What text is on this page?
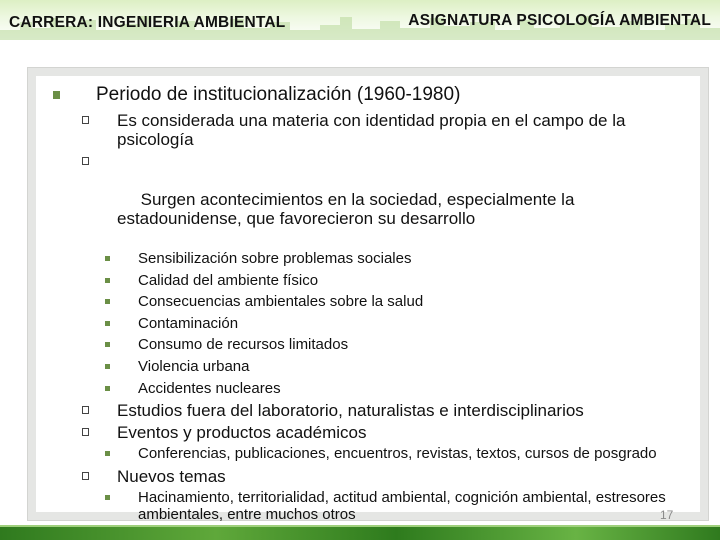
CARRERA: INGENIERIA AMBIENTAL	ASIGNATURA PSICOLOGÍA AMBIENTAL
Periodo de institucionalización (1960-1980)
Es considerada una materia con identidad propia en el campo de la psicología

Surgen acontecimientos en la sociedad, especialmente la estadounidense, que favorecieron su desarrollo

Sensibilización sobre problemas sociales
Calidad del ambiente físico
Consecuencias ambientales sobre la salud
Contaminación
Consumo de recursos limitados
Violencia urbana
Accidentes nucleares
Estudios fuera del laboratorio, naturalistas e interdisciplinarios
Eventos y productos académicos
Conferencias, publicaciones, encuentros, revistas, textos, cursos de posgrado
Nuevos temas
Hacinamiento, territorialidad, actitud ambiental, cognición ambiental, estresores ambientales, entre muchos otros	17
